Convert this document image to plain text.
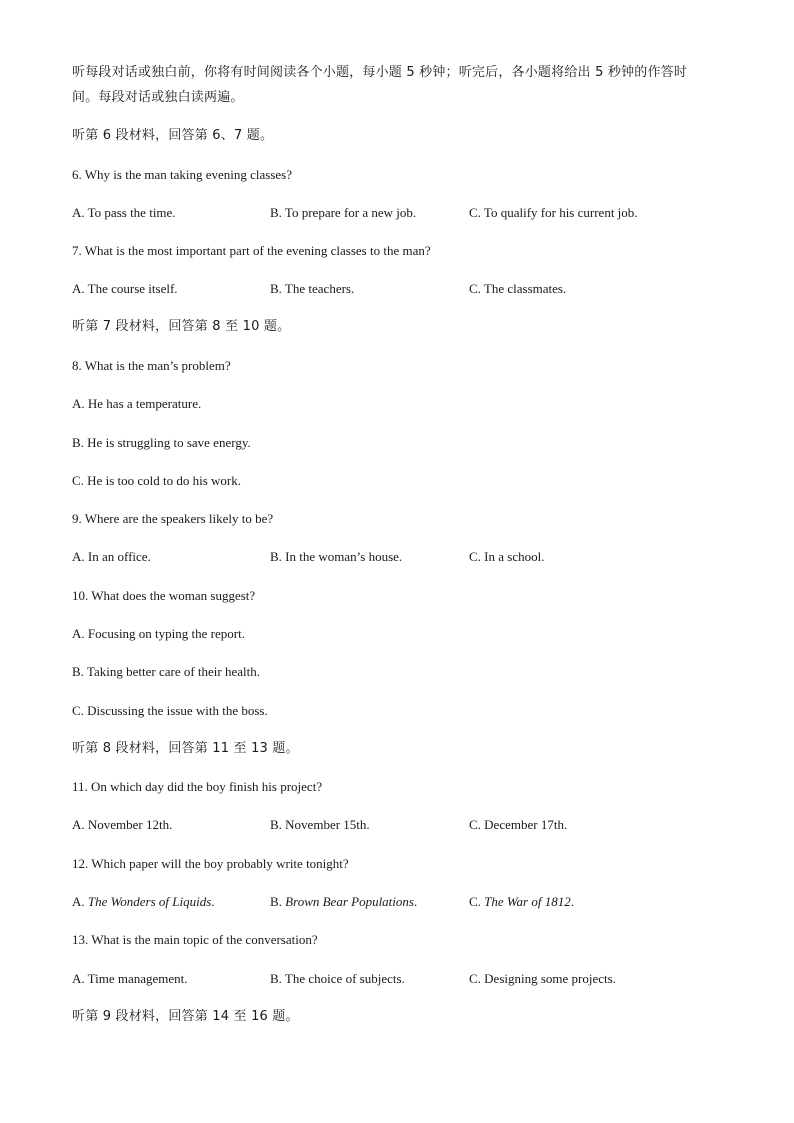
听每段对话或独白前，你将有时间阅读各个小题，每小题 5 秒钟；听完后，各小题将给出 5 秒钟的作答时
间。每段对话或独白读两遍。
听第 6 段材料，回答第 6、7 题。
6. Why is the man taking evening classes?
A. To pass the time.	B. To prepare for a new job.	C. To qualify for his current job.
7. What is the most important part of the evening classes to the man?
A. The course itself.	B. The teachers.	C. The classmates.
听第 7 段材料，回答第 8 至 10 题。
8. What is the man’s problem?
A. He has a temperature.
B. He is struggling to save energy.
C. He is too cold to do his work.
9. Where are the speakers likely to be?
A. In an office.	B. In the woman’s house.	C. In a school.
10. What does the woman suggest?
A. Focusing on typing the report.
B. Taking better care of their health.
C. Discussing the issue with the boss.
听第 8 段材料，回答第 11 至 13 题。
11. On which day did the boy finish his project?
A. November 12th.	B. November 15th.	C. December 17th.
12. Which paper will the boy probably write tonight?
A. The Wonders of Liquids.	B. Brown Bear Populations.	C. The War of 1812.
13. What is the main topic of the conversation?
A. Time management.	B. The choice of subjects.	C. Designing some projects.
听第 9 段材料，回答第 14 至 16 题。
